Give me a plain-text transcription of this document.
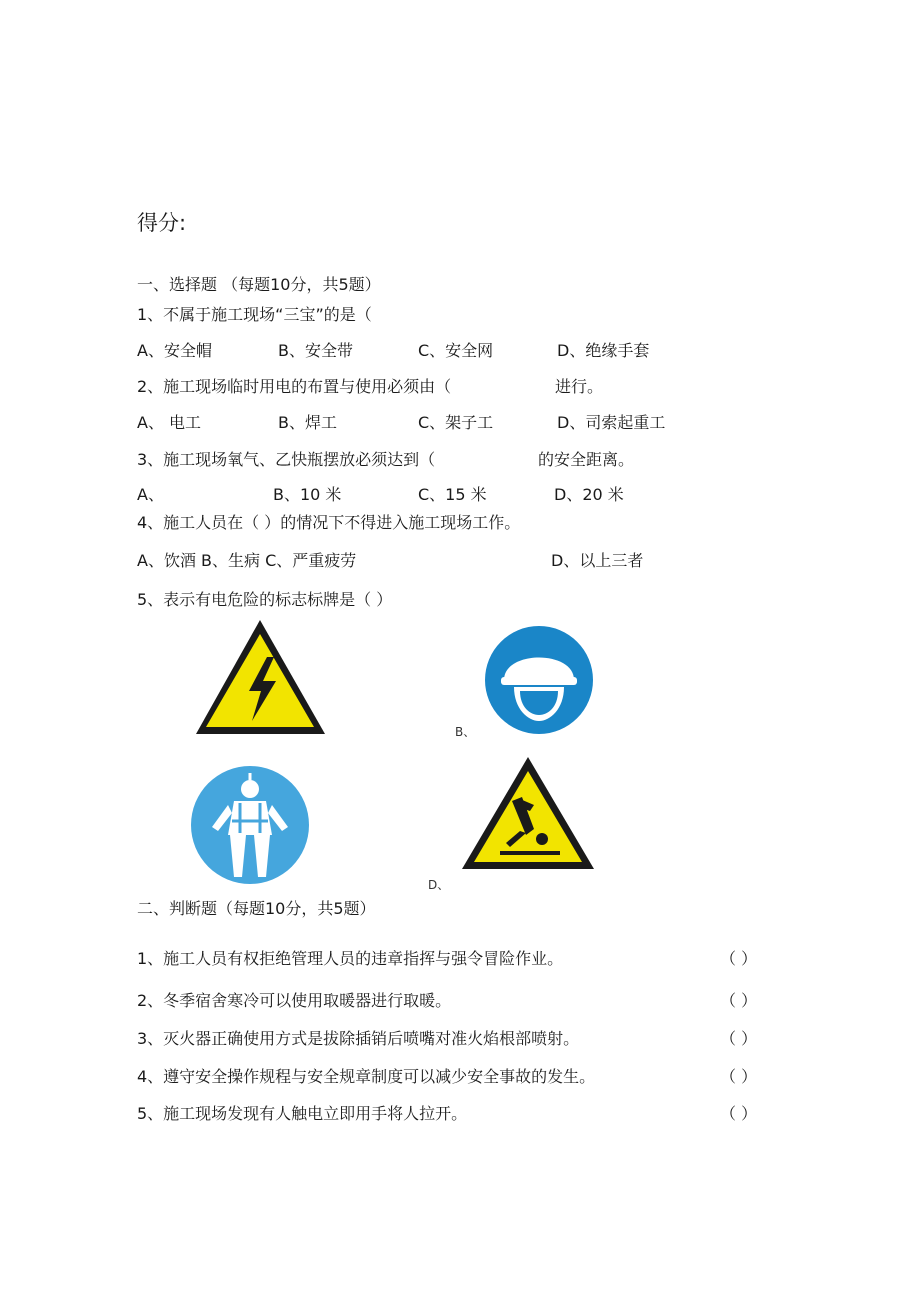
得分:
一、选择题 （每题10分，共5题）
1、不属于施工现场“三宝”的是（
A、安全帽	B、安全带	C、安全网	D、绝缘手套
2、施工现场临时用电的布置与使用必须由（	进行。
A、 电工	B、焊工	C、架子工	D、司索起重工
3、施工现场氧气、乙快瓶摆放必须达到（	的安全距离。
A、	B、10 米	C、15 米	D、20 米
4、施工人员在（ ）的情况下不得进入施工现场工作。
A、饮酒 B、生病 C、严重疲劳	D、以上三者
5、表示有电危险的标志标牌是（ ）
B、
D、
二、判断题（每题10分，共5题）
1、施工人员有权拒绝管理人员的违章指挥与强令冒险作业。	（ ）
2、冬季宿舍寒冷可以使用取暖器进行取暖。	（ ）
3、灭火器正确使用方式是拔除插销后喷嘴对准火焰根部喷射。	（ ）
4、遵守安全操作规程与安全规章制度可以减少安全事故的发生。	（ ）
5、施工现场发现有人触电立即用手将人拉开。	（ ）
